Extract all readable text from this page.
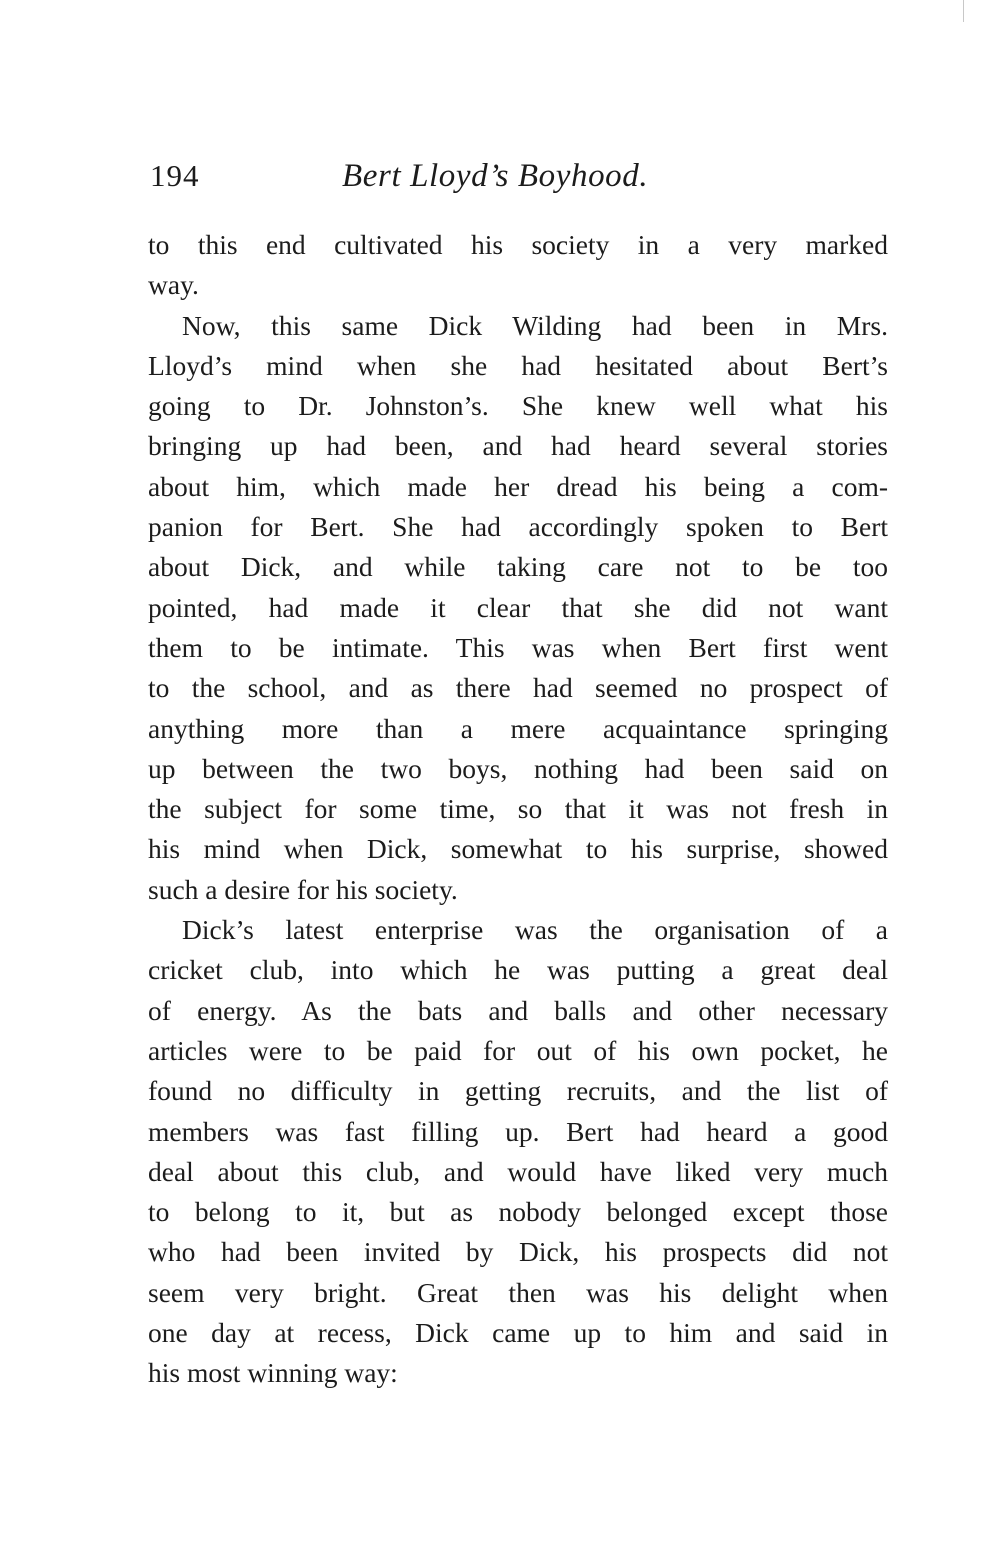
194	Bert Lloyd’s Boyhood.
to this end cultivated his society in a very marked
way.
Now, this same Dick Wilding had been in Mrs.
Lloyd’s mind when she had hesitated about Bert’s
going to Dr. Johnston’s. She knew well what his
bringing up had been, and had heard several stories
about him, which made her dread his being a com-
panion for Bert. She had accordingly spoken to Bert
about Dick, and while taking care not to be too
pointed, had made it clear that she did not want
them to be intimate. This was when Bert first went
to the school, and as there had seemed no prospect of
anything more than a mere acquaintance springing
up between the two boys, nothing had been said on
the subject for some time, so that it was not fresh in
his mind when Dick, somewhat to his surprise, showed
such a desire for his society.
Dick’s latest enterprise was the organisation of a
cricket club, into which he was putting a great deal
of energy. As the bats and balls and other necessary
articles were to be paid for out of his own pocket, he
found no difficulty in getting recruits, and the list of
members was fast filling up. Bert had heard a good
deal about this club, and would have liked very much
to belong to it, but as nobody belonged except those
who had been invited by Dick, his prospects did not
seem very bright. Great then was his delight when
one day at recess, Dick came up to him and said in
his most winning way:
